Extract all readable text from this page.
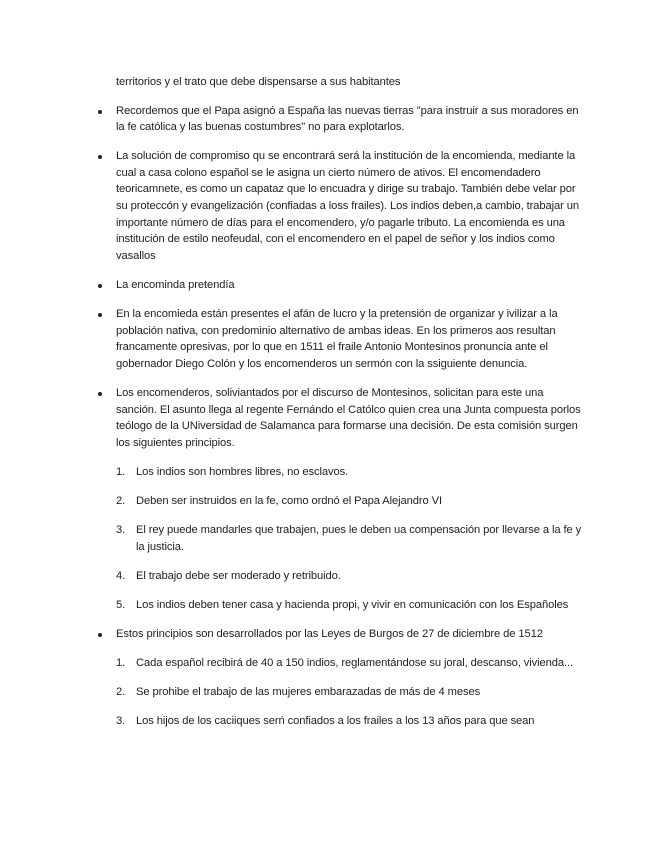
territorios y el trato que debe dispensarse a sus habitantes

Recordemos que el Papa asignó a España las nuevas tierras "para instruir a sus moradores en la fe católica y las buenas costumbres" no para explotarlos.
La solución de compromiso qu se encontrará será la institución de la encomienda, mediante la cual a casa colono español se le asigna un cierto número de ativos. El encomendadero teoricamnete, es como un capataz que lo encuadra y dirige su trabajo. También debe velar por su proteccón y evangelización (confiadas a loss frailes). Los indios deben,a cambio, trabajar un importante número de días para el encomendero, y/o pagarle tributo. La encomienda es una institución de estilo neofeudal, con el encomendero en el papel de señor y los indios como vasallos
La encominda pretendía
En la encomieda están presentes el afán de lucro y la pretensión de organizar y ivilizar a la población nativa, con predominio alternativo de ambas ideas. En los primeros aos resultan francamente opresivas, por lo que en 1511 el fraile Antonio Montesinos pronuncia ante el gobernador Diego Colón y los encomenderos un sermón con la ssiguiente denuncia.
Los encomenderos, soliviantados por el discurso de Montesinos, solicitan para este una sanción. El asunto llega al regente Fernándo el Católco quien crea una Junta compuesta porlos teólogo de la UNiversidad de Salamanca para formarse una decisión. De esta comisión surgen los siguientes principios.
1. Los indios son hombres libres, no esclavos.
2. Deben ser instruidos en la fe, como ordnó el Papa Alejandro VI
3. El rey puede mandarles que trabajen, pues le deben ua compensación por llevarse a la fe y la justicia.
4. El trabajo debe ser moderado y retribuido.
5. Los indios deben tener casa y hacienda propi, y vivir en comunicación con los Españoles
Estos principios son desarrollados por las Leyes de Burgos de 27 de diciembre de 1512
1. Cada español recibirá de 40 a 150 indios, reglamentándose su joral, descanso, vivienda...
2. Se prohibe el trabajo de las mujeres embarazadas de más de 4 meses
3. Los hijos de los caciiques serń confiados a los frailes a los 13 años para que sean
